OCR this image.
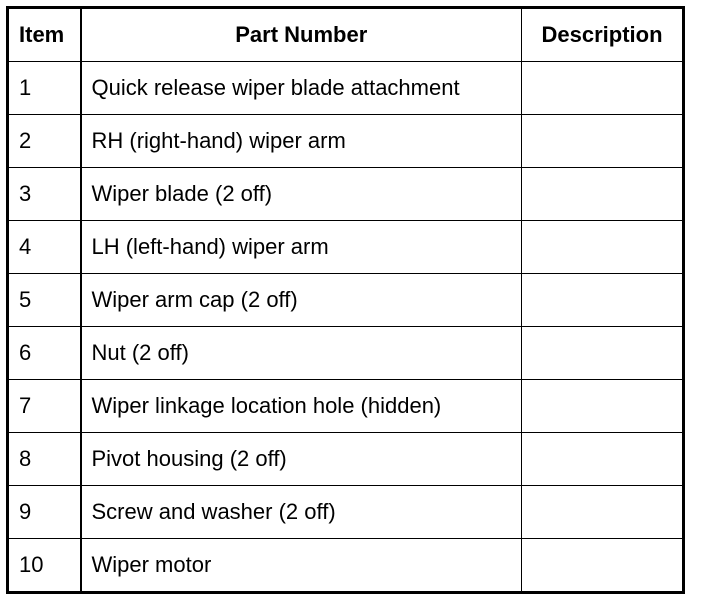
Item	Part Number	Description
1	Quick release wiper blade attachment	
2	RH (right-hand) wiper arm	
3	Wiper blade (2 off)	
4	LH (left-hand) wiper arm	
5	Wiper arm cap (2 off)	
6	Nut (2 off)	
7	Wiper linkage location hole (hidden)	
8	Pivot housing (2 off)	
9	Screw and washer (2 off)	
10	Wiper motor	
